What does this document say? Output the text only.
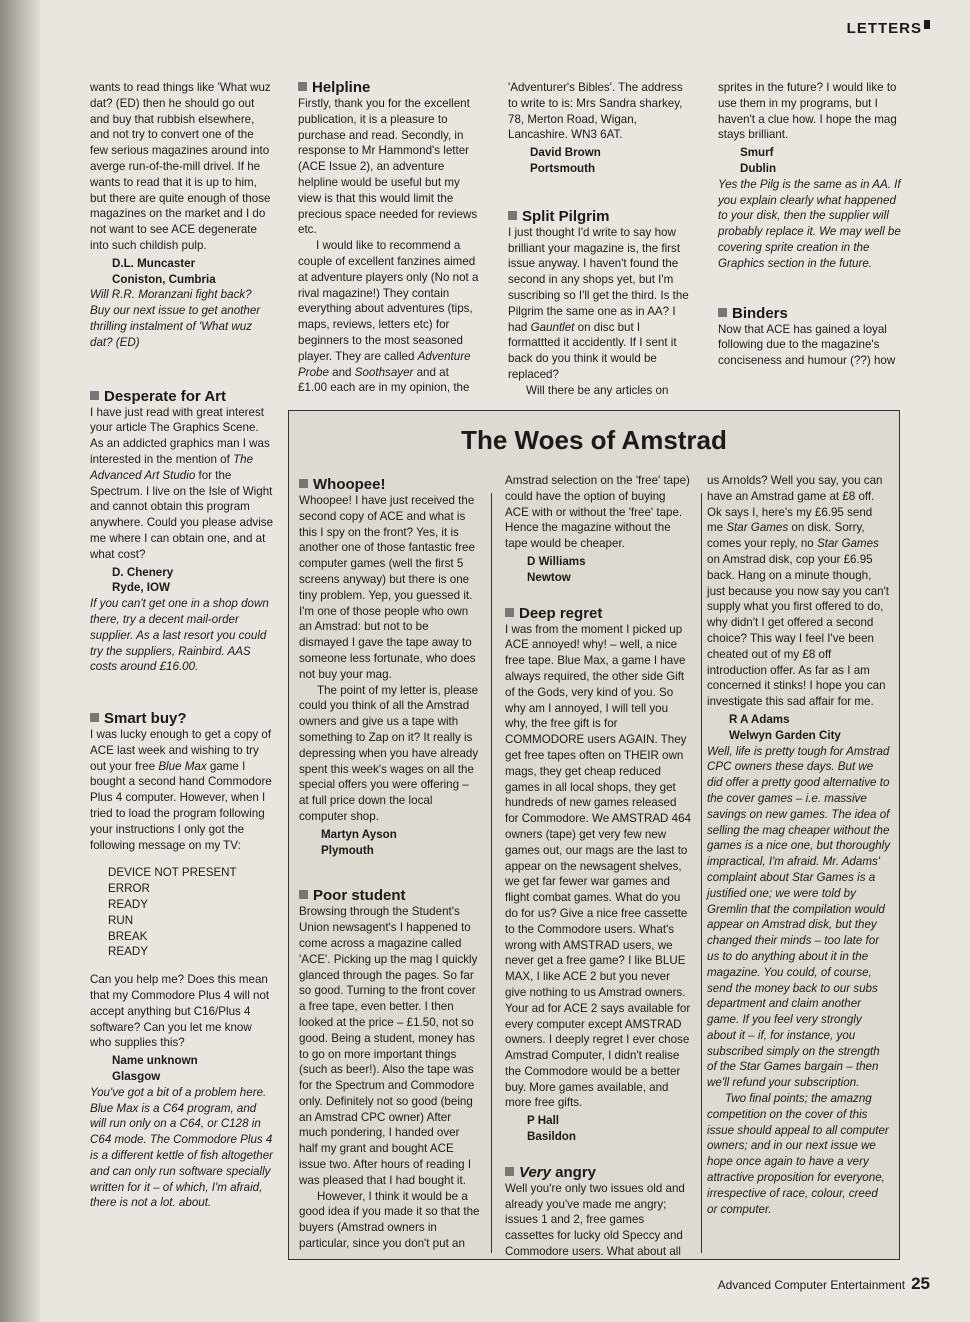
LETTERS

wants to read things like 'What wuz dat? (ED) then he should go out and buy that rubbish elsewhere, and not try to convert one of the few serious magazines around into averge run-of-the-mill drivel. If he wants to read that it is up to him, but there are quite enough of those magazines on the market and I do not want to see ACE degenerate into such childish pulp.

D.L. Muncaster
Coniston, Cumbria

Will R.R. Moranzani fight back? Buy our next issue to get another thrilling instalment of 'What wuz dat? (ED)

Desperate for Art

I have just read with great interest your article The Graphics Scene. As an addicted graphics man I was interested in the mention of The Advanced Art Studio for the Spectrum. I live on the Isle of Wight and cannot obtain this program anywhere. Could you please advise me where I can obtain one, and at what cost?

D. Chenery
Ryde, IOW

If you can't get one in a shop down there, try a decent mail-order supplier. As a last resort you could try the suppliers, Rainbird. AAS costs around £16.00.

Smart buy?

I was lucky enough to get a copy of ACE last week and wishing to try out your free Blue Max game I bought a second hand Commodore Plus 4 computer. However, when I tried to load the program following your instructions I only got the following message on my TV:

DEVICE NOT PRESENT
ERROR
READY
RUN
BREAK
READY

Can you help me? Does this mean that my Commodore Plus 4 will not accept anything but C16/Plus 4 software? Can you let me know who supplies this?

Name unknown
Glasgow

You've got a bit of a problem here. Blue Max is a C64 program, and will run only on a C64, or C128 in C64 mode. The Commodore Plus 4 is a different kettle of fish altogether and can only run software specially written for it – of which, I'm afraid, there is not a lot. about.

Helpline

Firstly, thank you for the excellent publication, it is a pleasure to purchase and read. Secondly, in response to Mr Hammond's letter (ACE Issue 2), an adventure helpline would be useful but my view is that this would limit the precious space needed for reviews etc.

I would like to recommend a couple of excellent fanzines aimed at adventure players only (No not a rival magazine!) They contain everything about adventures (tips, maps, reviews, letters etc) for beginners to the most seasoned player. They are called Adventure Probe and Soothsayer and at £1.00 each are in my opinion, the

'Adventurer's Bibles'. The address to write to is: Mrs Sandra sharkey, 78, Merton Road, Wigan, Lancashire. WN3 6AT.

David Brown
Portsmouth
Split Pilgrim

I just thought I'd write to say how brilliant your magazine is, the first issue anyway. I haven't found the second in any shops yet, but I'm suscribing so I'll get the third. Is the Pilgrim the same one as in AA? I had Gauntlet on disc but I formattted it accidently. If I sent it back do you think it would be replaced?

Will there be any articles on

sprites in the future? I would like to use them in my programs, but I haven't a clue how. I hope the mag stays brilliant.

Smurf
Dublin

Yes the Pilg is the same as in AA. If you explain clearly what happened to your disk, then the supplier will probably replace it. We may well be covering sprite creation in the Graphics section in the future.

Binders

Now that ACE has gained a loyal following due to the magazine's conciseness and humour (??) how

The Woes of Amstrad
Whoopee!

Whoopee! I have just received the second copy of ACE and what is this I spy on the front? Yes, it is another one of those fantastic free computer games (well the first 5 screens anyway) but there is one tiny problem. Yep, you guessed it. I'm one of those people who own an Amstrad: but not to be dismayed I gave the tape away to someone less fortunate, who does not buy your mag.

The point of my letter is, please could you think of all the Amstrad owners and give us a tape with something to Zap on it? It really is depressing when you have already spent this week's wages on all the special offers you were offering – at full price down the local computer shop.

Martyn Ayson
Plymouth
Poor student

Browsing through the Student's Union newsagent's I happened to come across a magazine called 'ACE'. Picking up the mag I quickly glanced through the pages. So far so good. Turning to the front cover a free tape, even better. I then looked at the price – £1.50, not so good. Being a student, money has to go on more important things (such as beer!). Also the tape was for the Spectrum and Commodore only. Definitely not so good (being an Amstrad CPC owner) After much pondering, I handed over half my grant and bought ACE issue two. After hours of reading I was pleased that I had bought it.

However, I think it would be a good idea if you made it so that the buyers (Amstrad owners in particular, since you don't put an

Amstrad selection on the 'free' tape) could have the option of buying ACE with or without the 'free' tape. Hence the magazine without the tape would be cheaper.

D Williams
Newtow
Deep regret

I was from the moment I picked up ACE annoyed! why! – well, a nice free tape. Blue Max, a game I have always required, the other side Gift of the Gods, very kind of you. So why am I annoyed, I will tell you why, the free gift is for COMMODORE users AGAIN. They get free tapes often on THEIR own mags, they get cheap reduced games in all local shops, they get hundreds of new games released for Commodore. We AMSTRAD 464 owners (tape) get very few new games out, our mags are the last to appear on the newsagent shelves, we get far fewer war games and flight combat games. What do you do for us? Give a nice free cassette to the Commodore users. What's wrong with AMSTRAD users, we never get a free game? I like BLUE MAX, I like ACE 2 but you never give nothing to us Amstrad owners. Your ad for ACE 2 says available for every computer except AMSTRAD owners. I deeply regret I ever chose Amstrad Computer, I didn't realise the Commodore would be a better buy. More games available, and more free gifts.

P Hall
Basildon
Very angry

Well you're only two issues old and already you've made me angry; issues 1 and 2, free games cassettes for lucky old Speccy and Commodore users. What about all

us Arnolds? Well you say, you can have an Amstrad game at £8 off. Ok says I, here's my £6.95 send me Star Games on disk. Sorry, comes your reply, no Star Games on Amstrad disk, cop your £6.95 back. Hang on a minute though, just because you now say you can't supply what you first offered to do, why didn't I get offered a second choice? This way I feel I've been cheated out of my £8 off introduction offer. As far as I am concerned it stinks! I hope you can investigate this sad affair for me.

R A Adams
Welwyn Garden City

Well, life is pretty tough for Amstrad CPC owners these days. But we did offer a pretty good alternative to the cover games – i.e. massive savings on new games. The idea of selling the mag cheaper without the games is a nice one, but thoroughly impractical, I'm afraid. Mr. Adams' complaint about Star Games is a justified one; we were told by Gremlin that the compilation would appear on Amstrad disk, but they changed their minds – too late for us to do anything about it in the magazine. You could, of course, send the money back to our subs department and claim another game. If you feel very strongly about it – if, for instance, you subscribed simply on the strength of the Star Games bargain – then we'll refund your subscription.

Two final points; the amazng competition on the cover of this issue should appeal to all computer owners; and in our next issue we hope once again to have a very attractive proposition for everyone, irrespective of race, colour, creed or computer.

Advanced Computer Entertainment 25
